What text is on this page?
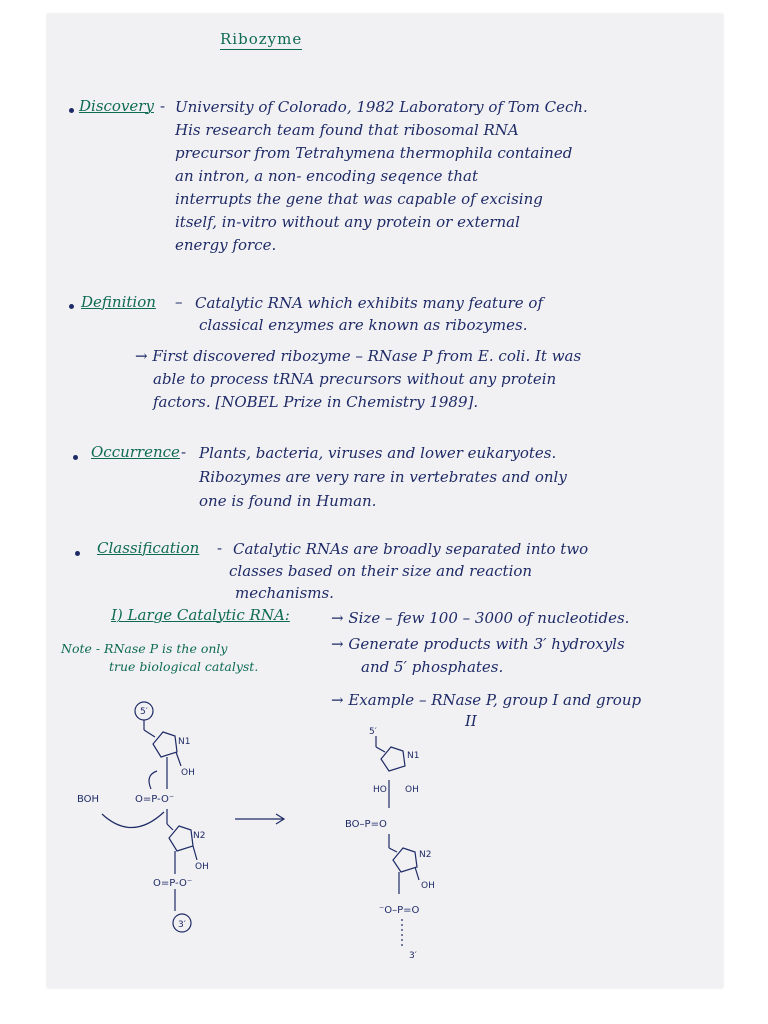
Ribozyme
Discovery - University of Colorado, 1982 Laboratory of Tom Cech.
His research team found that ribosomal RNA
precursor from Tetrahymena thermophila contained
an intron, a non- encoding seqence that
interrupts the gene that was capable of excising
itself, in-vitro without any protein or external
energy force.
Definition – Catalytic RNA which exhibits many feature of
classical enzymes are known as ribozymes.
→ First discovered ribozyme – RNase P from E. coli. It was
able to process tRNA precursors without any protein
factors. [NOBEL Prize in Chemistry 1989].
Occurrence - Plants, bacteria, viruses and lower eukaryotes.
Ribozymes are very rare in vertebrates and only
one is found in Human.
Classification - Catalytic RNAs are broadly separated into two
classes based on their size and reaction
mechanisms.
I) Large Catalytic RNA:	→ Size – few 100 – 3000 of nucleotides.
→ Generate products with 3′ hydroxyls
and 5′ phosphates.
→ Example – RNase P, group I and group
II
Note - RNase P is the only
true biological catalyst.
5′
N1
OH
BOH	O=P-O⁻
N2
OH
O=P-O⁻
3′
5′
N1
HO OH
BO–P=O
N2
OH
⁻O–P=O
3′
